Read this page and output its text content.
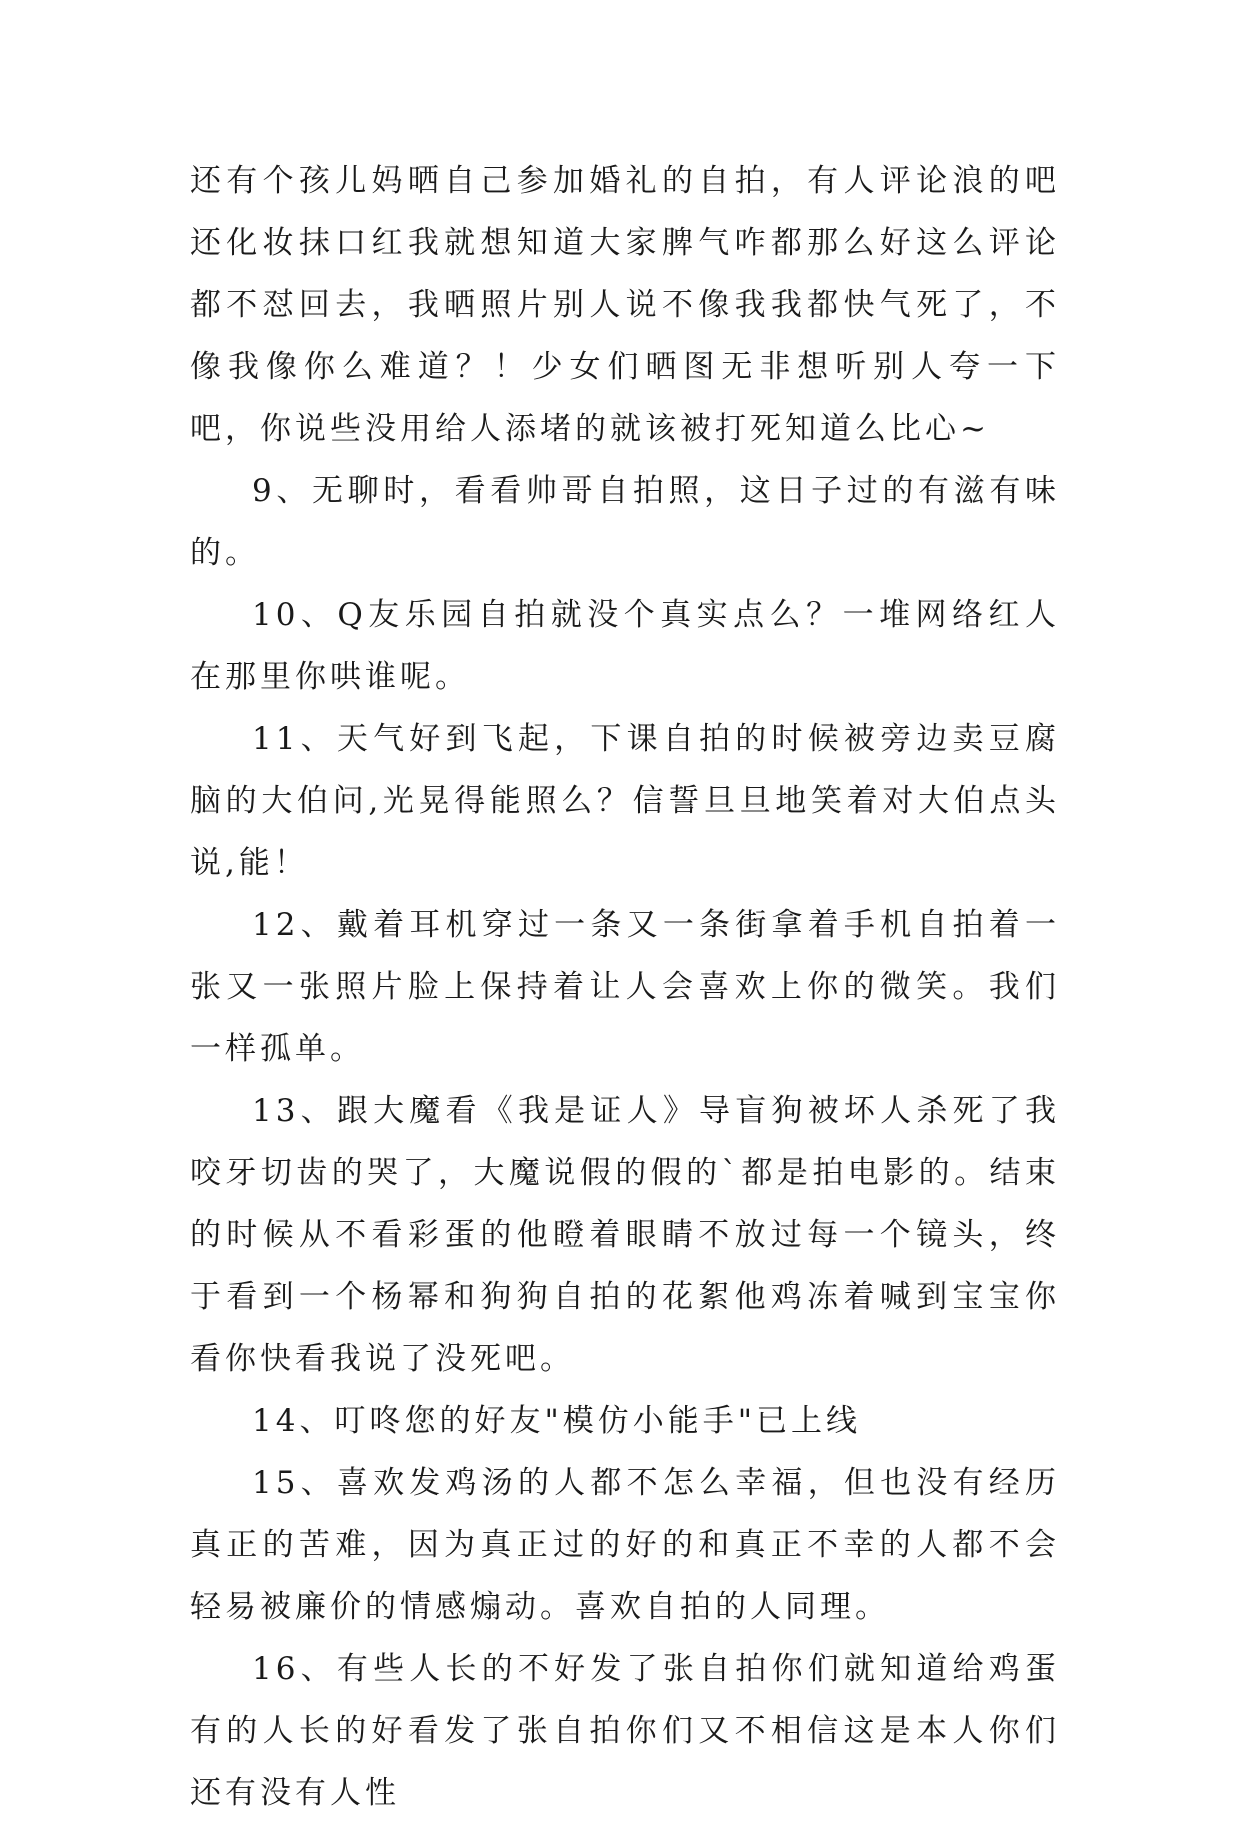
还有个孩儿妈晒自己参加婚礼的自拍，有人评论浪的吧还化妆抹口红我就想知道大家脾气咋都那么好这么评论都不怼回去，我晒照片别人说不像我我都快气死了，不像我像你么难道？！少女们晒图无非想听别人夸一下吧，你说些没用给人添堵的就该被打死知道么比心~

9、无聊时，看看帅哥自拍照，这日子过的有滋有味的。

10、Q友乐园自拍就没个真实点么？一堆网络红人在那里你哄谁呢。

11、天气好到飞起，下课自拍的时候被旁边卖豆腐脑的大伯问,光晃得能照么？信誓旦旦地笑着对大伯点头说,能！

12、戴着耳机穿过一条又一条街拿着手机自拍着一张又一张照片脸上保持着让人会喜欢上你的微笑。我们一样孤单。

13、跟大魔看《我是证人》导盲狗被坏人杀死了我咬牙切齿的哭了，大魔说假的假的`都是拍电影的。结束的时候从不看彩蛋的他瞪着眼睛不放过每一个镜头，终于看到一个杨幂和狗狗自拍的花絮他鸡冻着喊到宝宝你看你快看我说了没死吧。

14、叮咚您的好友"模仿小能手"已上线

15、喜欢发鸡汤的人都不怎么幸福，但也没有经历真正的苦难，因为真正过的好的和真正不幸的人都不会轻易被廉价的情感煽动。喜欢自拍的人同理。

16、有些人长的不好发了张自拍你们就知道给鸡蛋有的人长的好看发了张自拍你们又不相信这是本人你们还有没有人性
